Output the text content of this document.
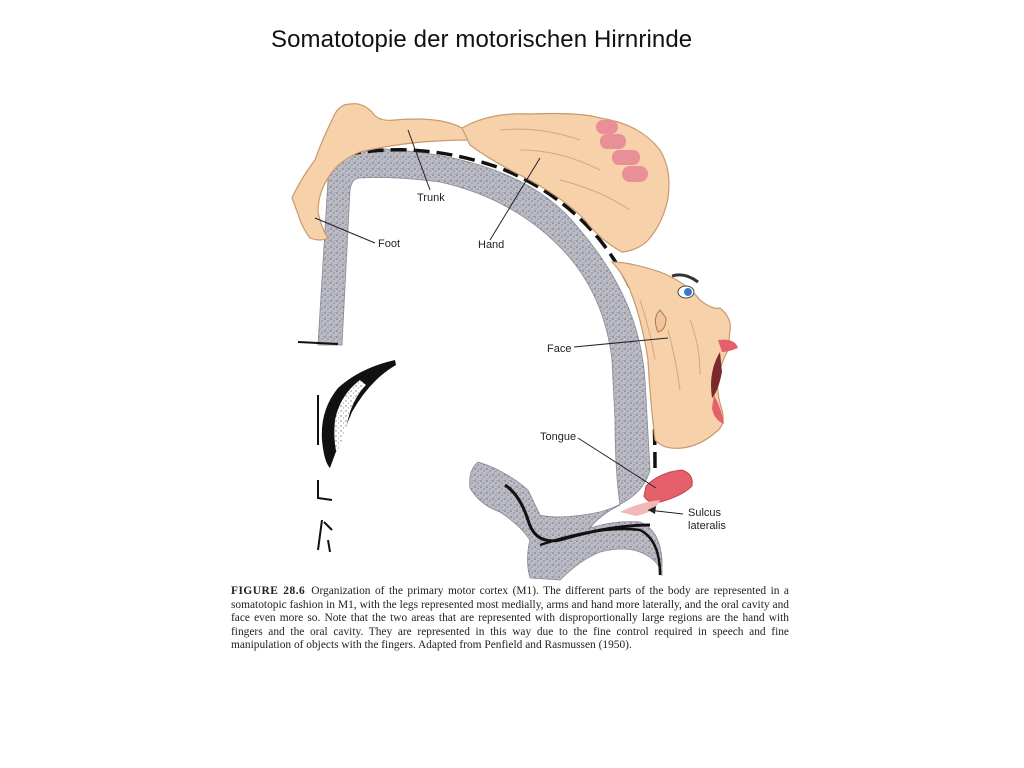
Somatotopie der motorischen Hirnrinde
Trunk
Foot	Hand
Face
Tongue
Sulcus
lateralis
FIGURE 28.6 Organization of the primary motor cortex (M1). The different parts of the body are represented in a somatotopic fashion in M1, with the legs represented most medially, arms and hand more laterally, and the oral cavity and face even more so. Note that the two areas that are represented with disproportionally large regions are the hand with fingers and the oral cavity. They are represented in this way due to the fine control required in speech and fine manipulation of objects with the fingers. Adapted from Penfield and Rasmussen (1950).
